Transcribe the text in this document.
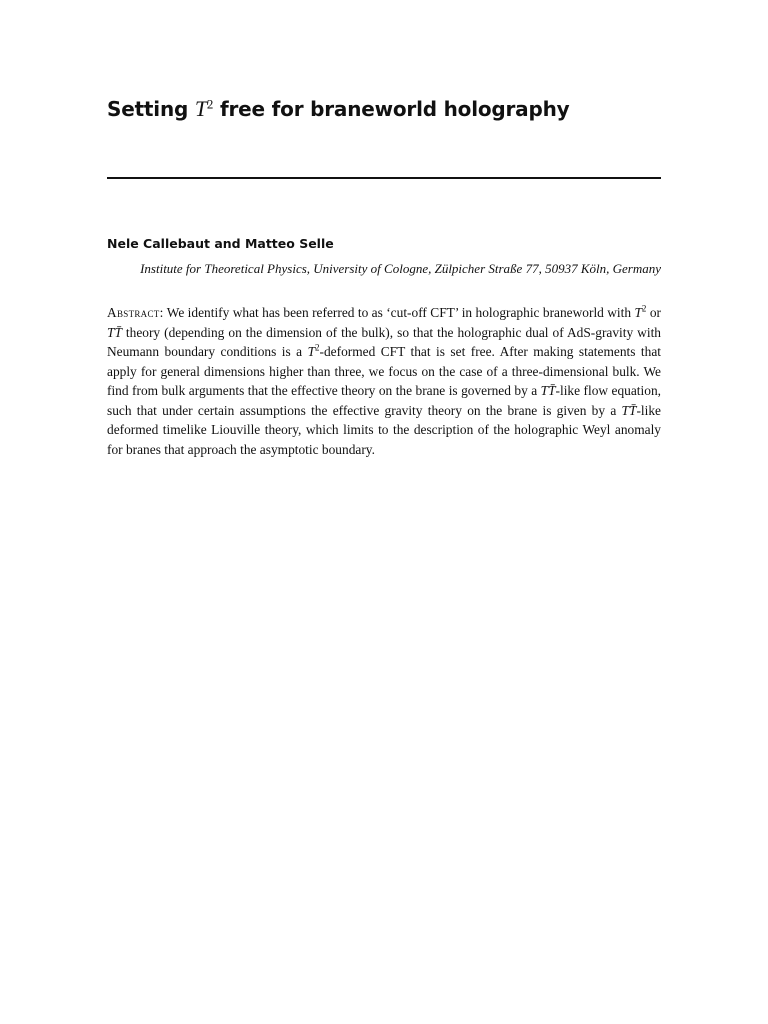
Setting $T^2$ free for braneworld holography
Nele Callebaut and Matteo Selle
Institute for Theoretical Physics, University of Cologne, Zülpicher Straße 77, 50937 Köln, Germany
Abstract: We identify what has been referred to as ‘cut-off CFT’ in holographic braneworld with $T^2$ or TT̄ theory (depending on the dimension of the bulk), so that the holographic dual of AdS-gravity with Neumann boundary conditions is a $T^2$-deformed CFT that is set free. After making statements that apply for general dimensions higher than three, we focus on the case of a three-dimensional bulk. We find from bulk arguments that the effective theory on the brane is governed by a TT̄-like flow equation, such that under certain assumptions the effective gravity theory on the brane is given by a TT̄-like deformed timelike Liouville theory, which limits to the description of the holographic Weyl anomaly for branes that approach the asymptotic boundary.
